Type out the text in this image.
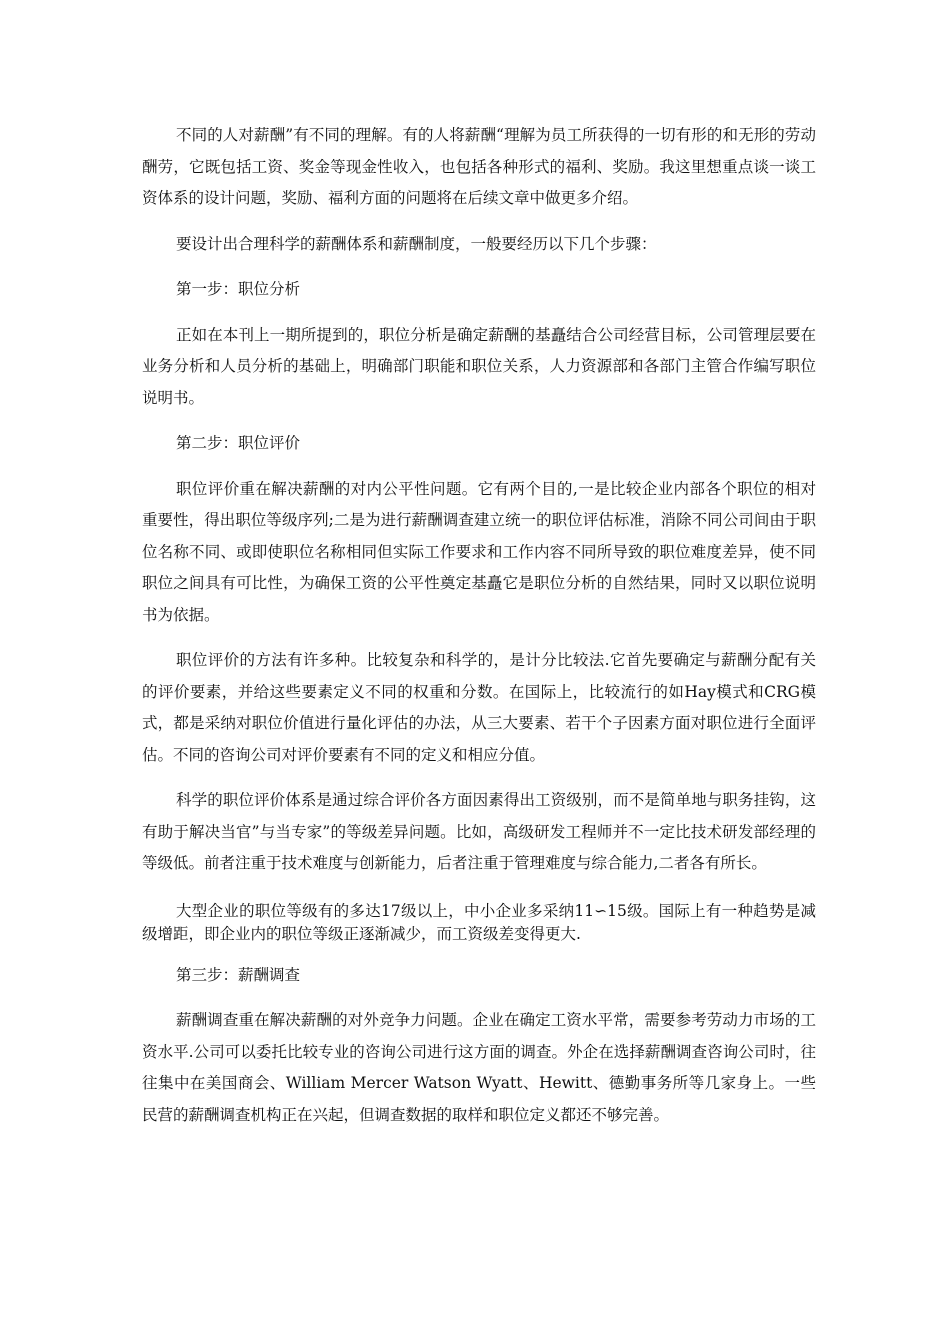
不同的人对薪酬”有不同的理解。有的人将薪酬“理解为员工所获得的一切有形的和无形的劳动酬劳，它既包括工资、奖金等现金性收入，也包括各种形式的福利、奖励。我这里想重点谈一谈工资体系的设计问题，奖励、福利方面的问题将在后续文章中做更多介绍。

要设计出合理科学的薪酬体系和薪酬制度，一般要经历以下几个步骤：

第一步：职位分析

正如在本刊上一期所提到的，职位分析是确定薪酬的基矗结合公司经营目标，公司管理层要在业务分析和人员分析的基础上，明确部门职能和职位关系，人力资源部和各部门主管合作编写职位说明书。

第二步：职位评价

职位评价重在解决薪酬的对内公平性问题。它有两个目的,一是比较企业内部各个职位的相对重要性，得出职位等级序列;二是为进行薪酬调查建立统一的职位评估标准，消除不同公司间由于职位名称不同、或即使职位名称相同但实际工作要求和工作内容不同所导致的职位难度差异，使不同职位之间具有可比性，为确保工资的公平性奠定基矗它是职位分析的自然结果，同时又以职位说明书为依据。

职位评价的方法有许多种。比较复杂和科学的，是计分比较法.它首先要确定与薪酬分配有关的评价要素，并给这些要素定义不同的权重和分数。在国际上，比较流行的如Hay模式和CRG模式，都是采纳对职位价值进行量化评估的办法，从三大要素、若干个子因素方面对职位进行全面评估。不同的咨询公司对评价要素有不同的定义和相应分值。

科学的职位评价体系是通过综合评价各方面因素得出工资级别，而不是简单地与职务挂钩，这有助于解决当官”与当专家”的等级差异问题。比如，高级研发工程师并不一定比技术研发部经理的等级低。前者注重于技术难度与创新能力，后者注重于管理难度与综合能力,二者各有所长。

大型企业的职位等级有的多达17级以上，中小企业多采纳11∽15级。国际上有一种趋势是减级增距，即企业内的职位等级正逐渐减少，而工资级差变得更大.

第三步：薪酬调查

薪酬调查重在解决薪酬的对外竞争力问题。企业在确定工资水平常，需要参考劳动力市场的工资水平.公司可以委托比较专业的咨询公司进行这方面的调查。外企在选择薪酬调查咨询公司时，往往集中在美国商会、William Mercer Watson Wyatt、Hewitt、德勤事务所等几家身上。一些民营的薪酬调查机构正在兴起，但调查数据的取样和职位定义都还不够完善。
